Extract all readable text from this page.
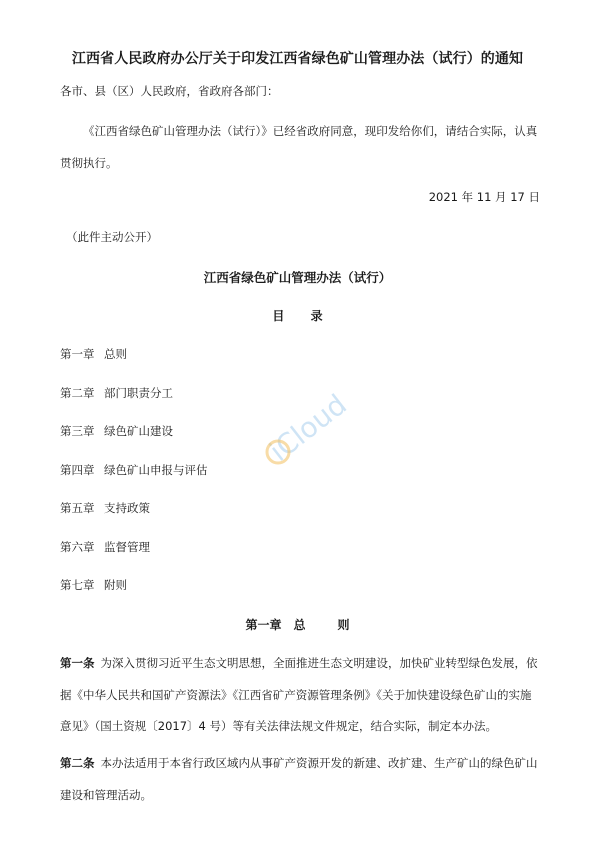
江西省人民政府办公厅关于印发江西省绿色矿山管理办法（试行）的通知
各市、县（区）人民政府，省政府各部门：
《江西省绿色矿山管理办法（试行）》已经省政府同意，现印发给你们，请结合实际，认真贯彻执行。
2021 年 11 月 17 日
（此件主动公开）
江西省绿色矿山管理办法（试行）
目 录
第一章 总则
第二章 部门职责分工
第三章 绿色矿山建设
第四章 绿色矿山申报与评估
第五章 支持政策
第六章 监督管理
第七章 附则
第一章 总	则
第一条 为深入贯彻习近平生态文明思想，全面推进生态文明建设，加快矿业转型绿色发展，依据《中华人民共和国矿产资源法》《江西省矿产资源管理条例》《关于加快建设绿色矿山的实施意见》（国土资规〔2017〕4 号）等有关法律法规文件规定，结合实际，制定本办法。
第二条 本办法适用于本省行政区域内从事矿产资源开发的新建、改扩建、生产矿山的绿色矿山建设和管理活动。
iCloud
